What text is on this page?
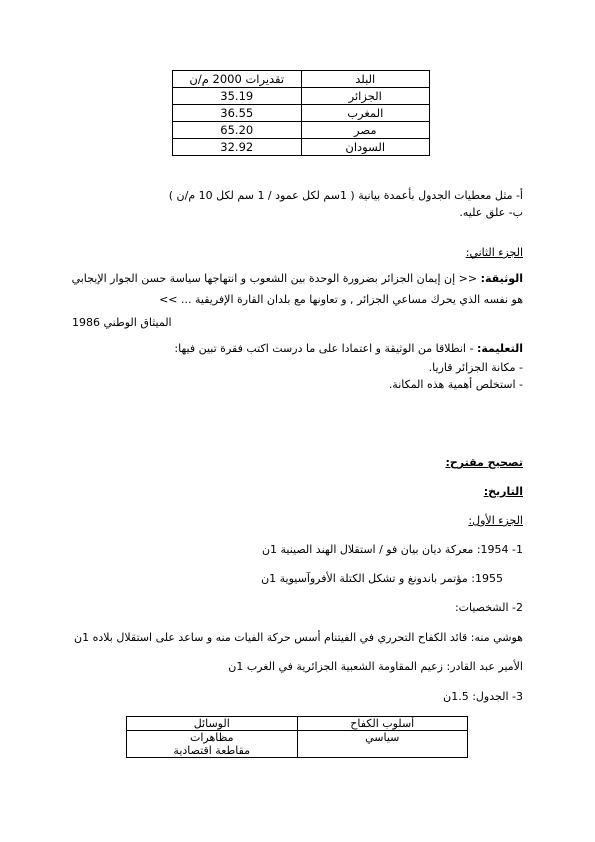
تقديرات 2000 م/ن	البلد
35.19	الجزائر
36.55	المغرب
65.20	مصر
32.92	السودان
أ- مثل معطيات الجدول بأعمدة بيانية ( 1سم لكل عمود / 1 سم لكل 10 م/ن )
ب- علق عليه.
الجزء الثاني:
الوثيقة: << إن إيمان الجزائر بضرورة الوحدة بين الشعوب و انتهاجها سياسة حسن الجوار الإيجابي
هو نفسه الذي يحرك مساعي الجزائر , و تعاونها مع بلدان القارة الإفريقية ... >>
الميثاق الوطني 1986
التعليمة: - انطلاقا من الوثيقة و اعتمادا على ما درست اكتب فقرة تبين فيها:
- مكانة الجزائر قاريا.
- استخلص أهمية هذه المكانة.
تصحيح مقترح:
التاريخ:
الجزء الأول:
1- 1954: معركة ديان بيان فو / استقلال الهند الصينية 1ن
1955: مؤتمر باندونغ و تشكل الكتلة الأفروآسيوية 1ن
2- الشخصيات:
هوشي منه: قائد الكفاح التحرري في الفيتنام أسس حركة الفيات منه و ساعد على استقلال بلاده 1ن
الأمير عبد القادر: زعيم المقاومة الشعبية الجزائرية في الغرب 1ن
3- الجدول: 1.5ن
الوسائل	أسلوب الكفاح

مظاهرات
مقاطعة اقتصادية	سياسي
